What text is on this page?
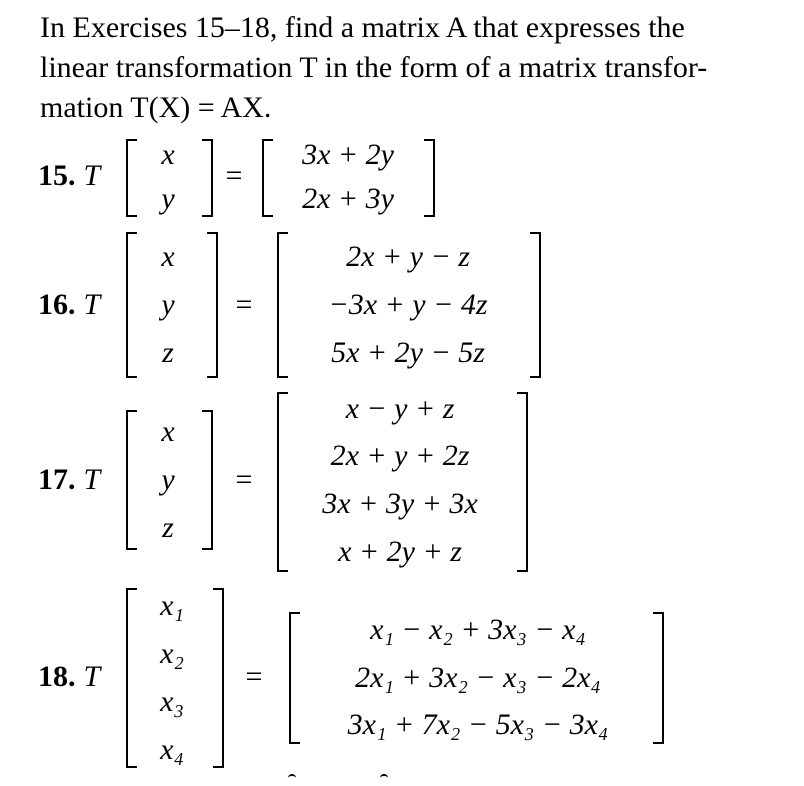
In Exercises 15–18, find a matrix A that expresses the
linear transformation T in the form of a matrix transfor-
mation T(X) = AX.
15. T
x
y
=
3x + 2y
2x + 3y
16. T
x
y
z
=
2x + y − z
−3x + y − 4z
5x + 2y − 5z
17. T
x
y
z
=
x − y + z
2x + y + 2z
3x + 3y + 3x
x + 2y + z
18. T
x₁
x₂
x₃
x₄
=
x₁ − x₂ + 3x₃ − x₄
2x₁ + 3x₂ − x₃ − 2x₄
3x₁ + 7x₂ − 5x₃ − 3x₄
